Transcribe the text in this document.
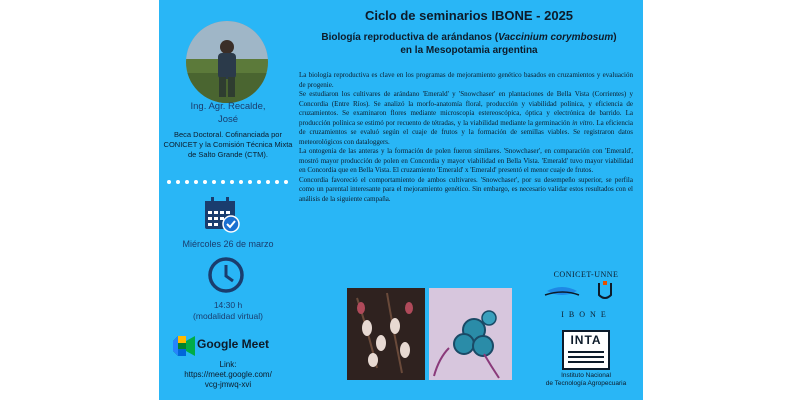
Ing. Agr. Recalde,
José
Beca Doctoral. Cofinanciada por CONICET y la Comisión Técnica Mixta de Salto Grande (CTM).
Miércoles 26 de marzo
14:30 h
(modalidad virtual)
Google Meet
Link:
https://meet.google.com/
vcg-jmwq-xvi
Ciclo de seminarios IBONE - 2025
Biología reproductiva de arándanos (Vaccinium corymbosum)
en la Mesopotamia argentina

La biología reproductiva es clave en los programas de mejoramiento genético basados en cruzamientos y evaluación de progenie.

Se estudiaron los cultivares de arándano 'Emerald' y 'Snowchaser' en plantaciones de Bella Vista (Corrientes) y Concordia (Entre Ríos). Se analizó la morfo-anatomía floral, producción y viabilidad polínica, y eficiencia de cruzamientos. Se examinaron flores mediante microscopía estereoscópica, óptica y electrónica de barrido. La producción polínica se estimó por recuento de tétradas, y la viabilidad mediante la germinación in vitro. La eficiencia de cruzamientos se evaluó según el cuaje de frutos y la formación de semillas viables. Se registraron datos meteorológicos con dataloggers.

La ontogenia de las anteras y la formación de polen fueron similares. 'Snowchaser', en comparación con 'Emerald', mostró mayor producción de polen en Concordia y mayor viabilidad en Bella Vista. 'Emerald' tuvo mayor viabilidad en Concordia que en Bella Vista. El cruzamiento 'Emerald' x 'Emerald' presentó el menor cuaje de frutos.

Concordia favoreció el comportamiento de ambos cultivares. 'Snowchaser', por su desempeño superior, se perfila como un parental interesante para el mejoramiento genético. Sin embargo, es necesario validar estos resultados con el análisis de la siguiente campaña.

CONICET-UNNE
IBONE
INTA
Instituto Nacional
de Tecnología Agropecuaria
